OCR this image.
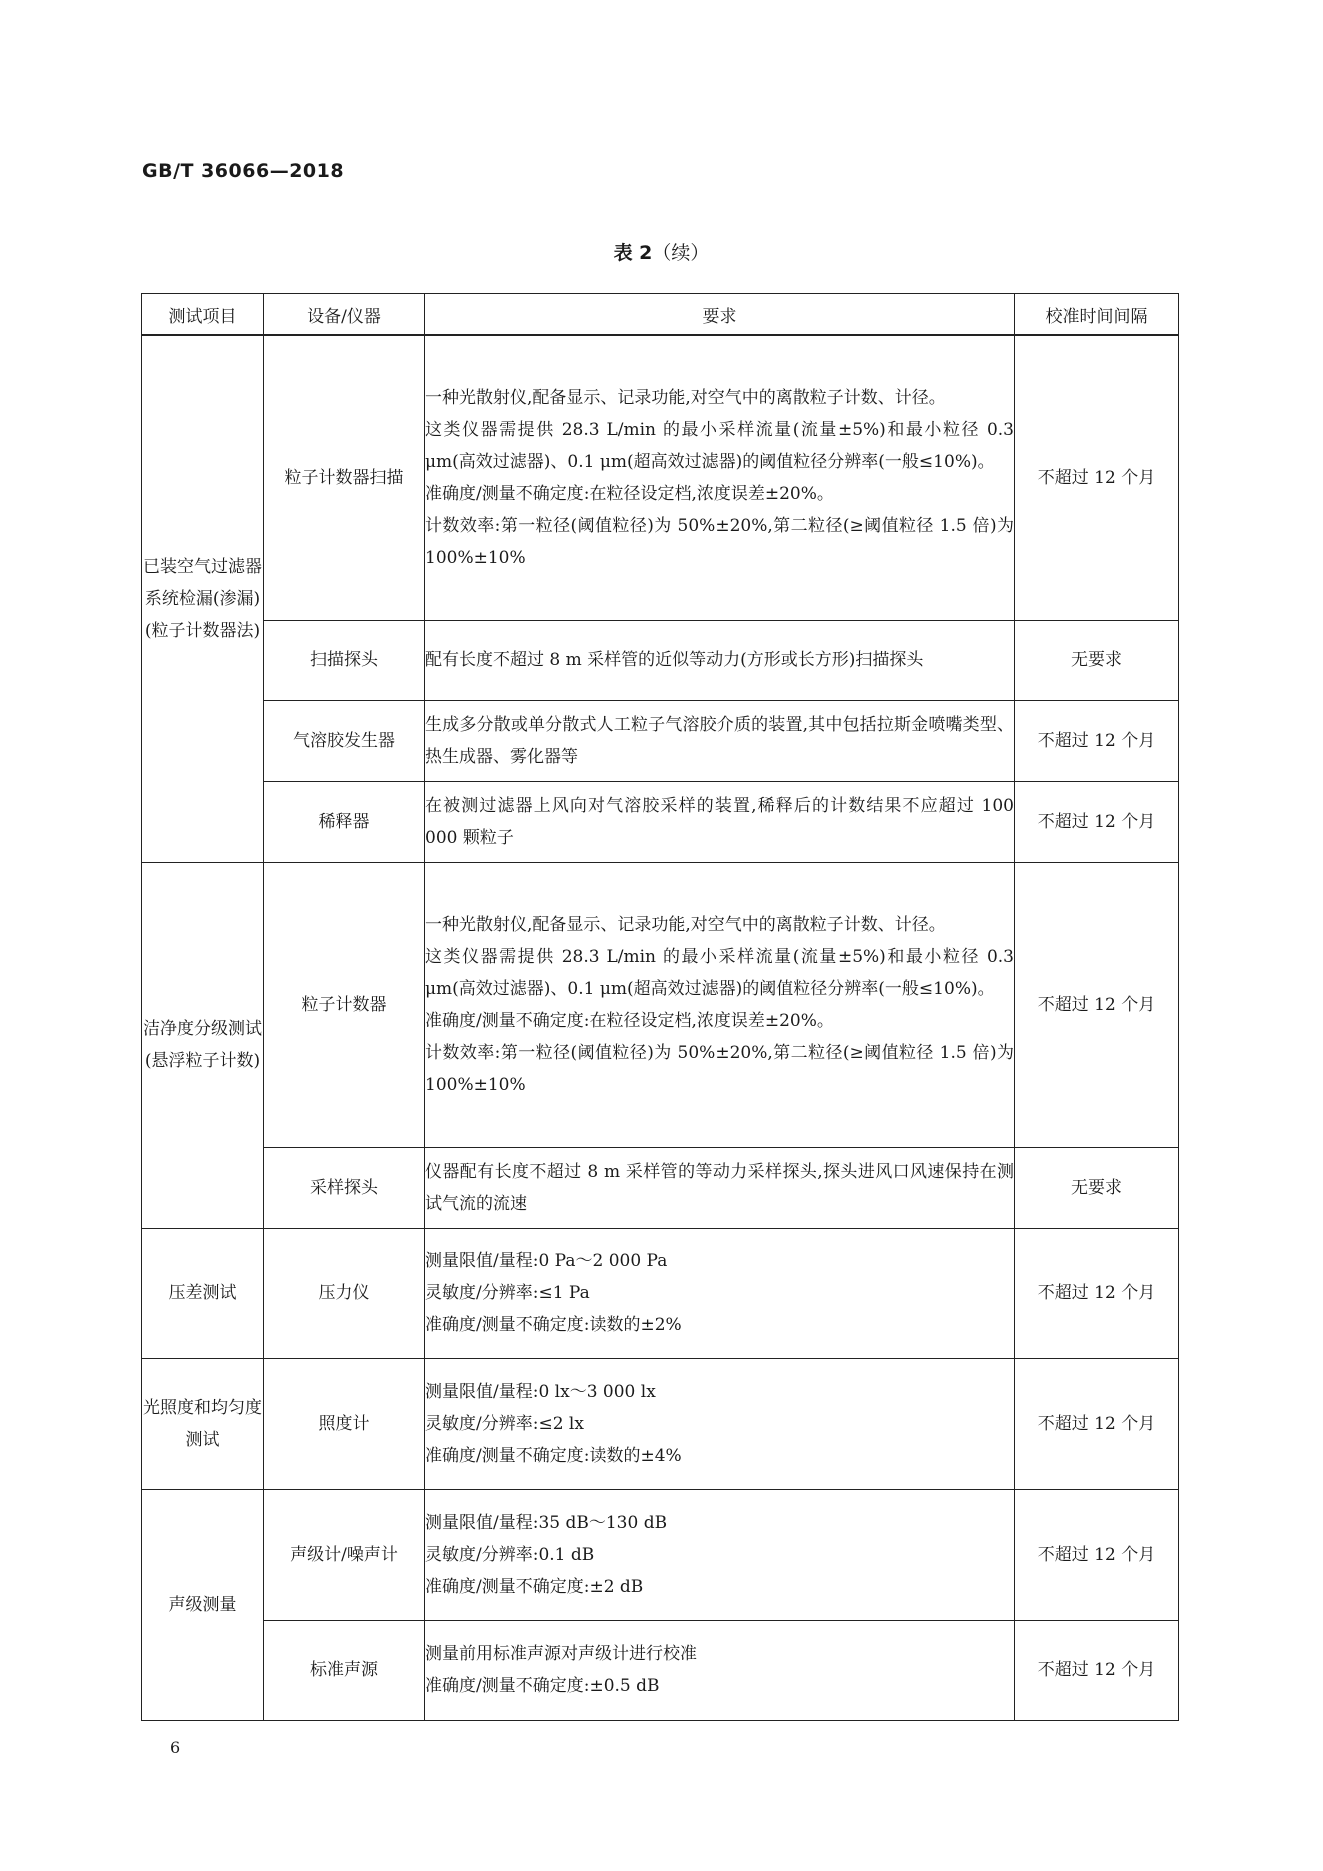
GB/T 36066—2018
表 2（续）
测试项目	设备/仪器	要求	校准时间间隔
已装空气过滤器系统检漏(渗漏)(粒子计数器法)	粒子计数器扫描	一种光散射仪,配备显示、记录功能,对空气中的离散粒子计数、计径。
这类仪器需提供 28.3 L/min 的最小采样流量(流量±5%)和最小粒径 0.3 μm(高效过滤器)、0.1 μm(超高效过滤器)的阈值粒径分辨率(一般≤10%)。
准确度/测量不确定度:在粒径设定档,浓度误差±20%。
计数效率:第一粒径(阈值粒径)为 50%±20%,第二粒径(≥阈值粒径 1.5 倍)为 100%±10%	不超过 12 个月
	扫描探头	配有长度不超过 8 m 采样管的近似等动力(方形或长方形)扫描探头	无要求
	气溶胶发生器	生成多分散或单分散式人工粒子气溶胶介质的装置,其中包括拉斯金喷嘴类型、热生成器、雾化器等	不超过 12 个月
	稀释器	在被测过滤器上风向对气溶胶采样的装置,稀释后的计数结果不应超过 100 000 颗粒子	不超过 12 个月
洁净度分级测试(悬浮粒子计数)	粒子计数器	一种光散射仪,配备显示、记录功能,对空气中的离散粒子计数、计径。
这类仪器需提供 28.3 L/min 的最小采样流量(流量±5%)和最小粒径 0.3 μm(高效过滤器)、0.1 μm(超高效过滤器)的阈值粒径分辨率(一般≤10%)。
准确度/测量不确定度:在粒径设定档,浓度误差±20%。
计数效率:第一粒径(阈值粒径)为 50%±20%,第二粒径(≥阈值粒径 1.5 倍)为 100%±10%	不超过 12 个月
	采样探头	仪器配有长度不超过 8 m 采样管的等动力采样探头,探头进风口风速保持在测试气流的流速	无要求
压差测试	压力仪	测量限值/量程:0 Pa～2 000 Pa
灵敏度/分辨率:≤1 Pa
准确度/测量不确定度:读数的±2%	不超过 12 个月
光照度和均匀度测试	照度计	测量限值/量程:0 lx～3 000 lx
灵敏度/分辨率:≤2 lx
准确度/测量不确定度:读数的±4%	不超过 12 个月
声级测量	声级计/噪声计	测量限值/量程:35 dB～130 dB
灵敏度/分辨率:0.1 dB
准确度/测量不确定度:±2 dB	不超过 12 个月
	标准声源	测量前用标准声源对声级计进行校准
准确度/测量不确定度:±0.5 dB	不超过 12 个月
6
